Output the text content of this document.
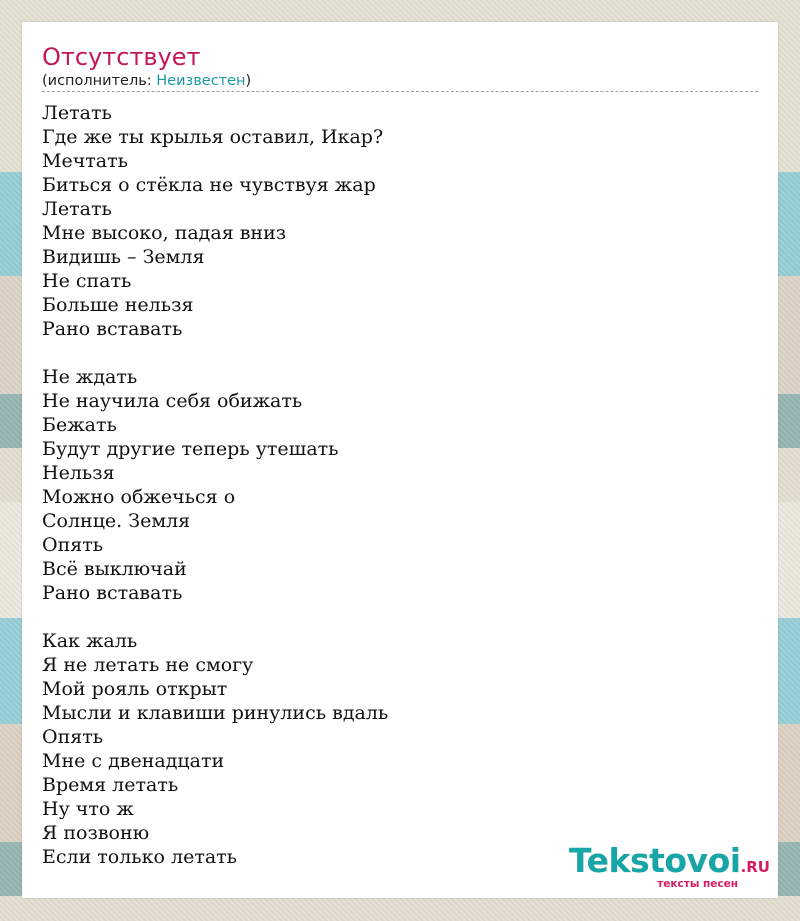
Отсутствует
(исполнитель: Неизвестен)
Летать
Где же ты крылья оставил, Икар?
Мечтать
Биться о стёкла не чувствуя жар
Летать
Мне высоко, падая вниз
Видишь – Земля
Не спать
Больше нельзя
Рано вставать
Не ждать
Не научила себя обижать
Бежать
Будут другие теперь утешать
Нельзя
Можно обжечься о
Солнце. Земля
Опять
Всё выключай
Рано вставать
Как жаль
Я не летать не смогу
Мой рояль открыт
Мысли и клавиши ринулись вдаль
Опять
Мне с двенадцати
Время летать
Ну что ж
Я позвоню
Если только летать	Tekstovoi.RU
тексты песен
